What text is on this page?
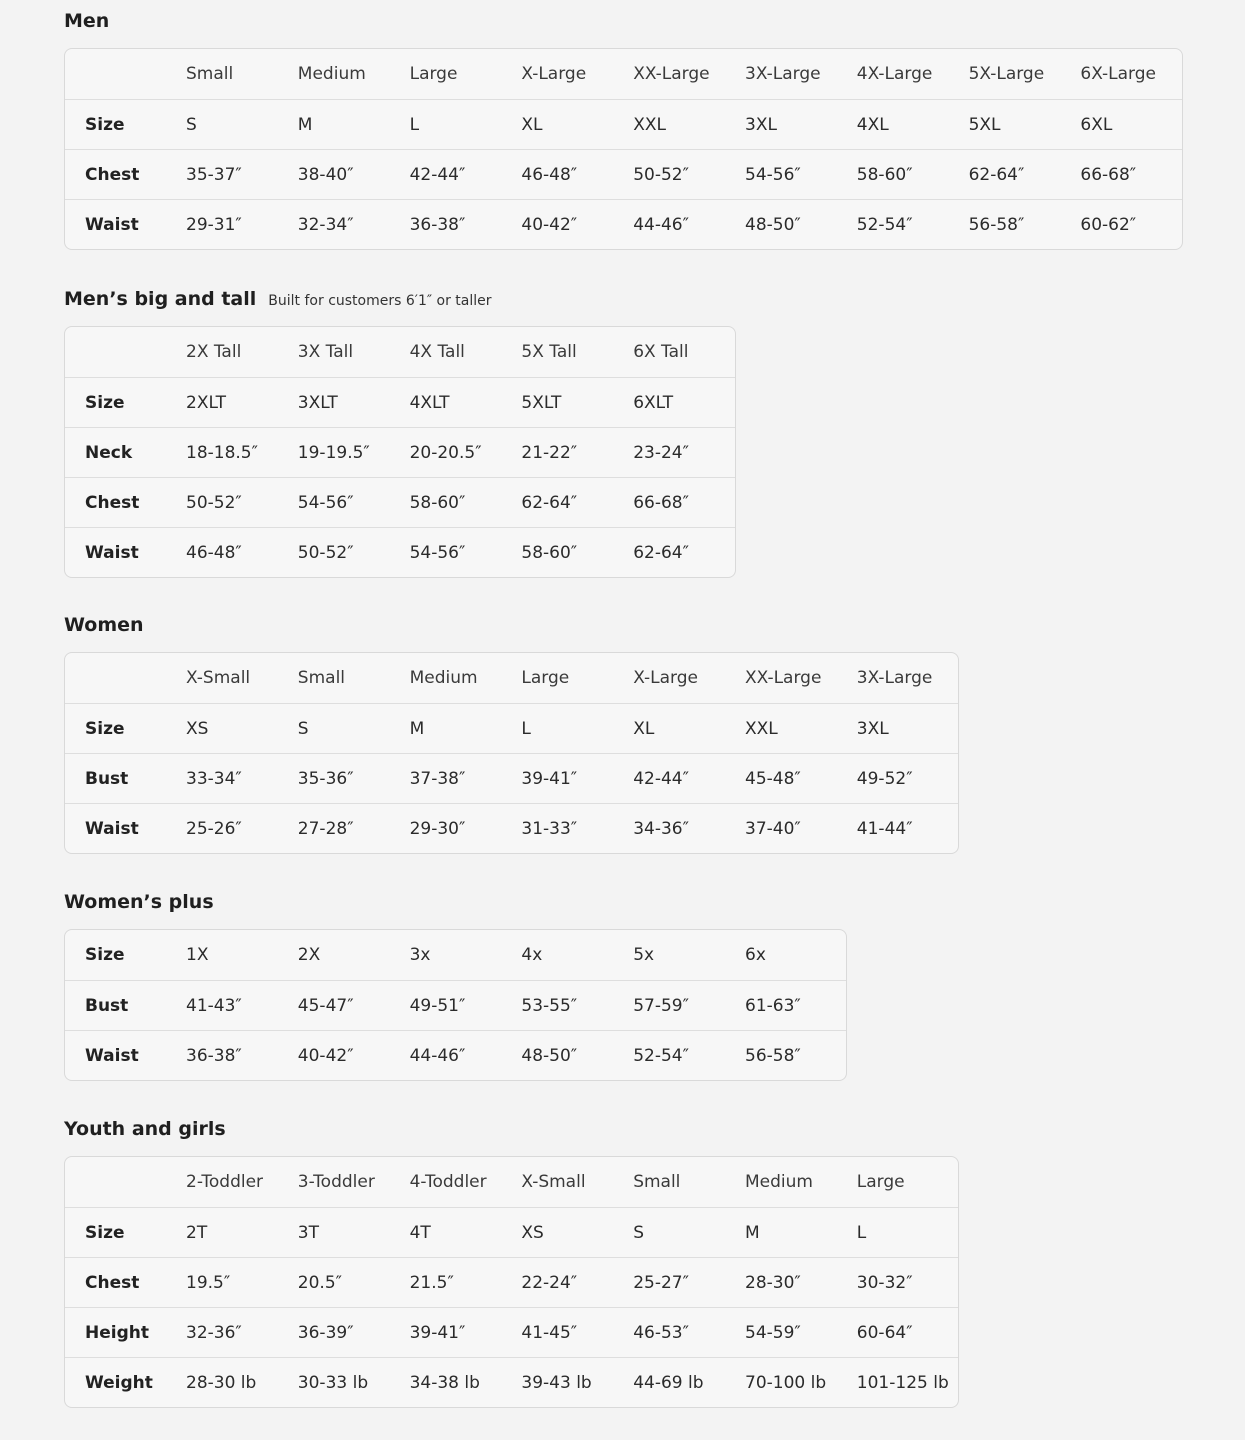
Men
Small	Medium	Large	X-Large	XX-Large 3X-Large 4X-Large 5X-Large 6X-Large
Size	S	M	L	XL	XXL	3XL	4XL	5XL	6XL
Chest	35-37″	38-40″	42-44″	46-48″	50-52″	54-56″	58-60″	62-64″	66-68″
Waist	29-31″	32-34″	36-38″	40-42″	44-46″	48-50″	52-54″	56-58″	60-62″
Men’s big and tall Built for customers 6′1″ or taller
2X Tall	3X Tall	4X Tall	5X Tall	6X Tall
Size	2XLT	3XLT	4XLT	5XLT	6XLT
Neck	18-18.5″ 19-19.5″ 20-20.5″ 21-22″	23-24″
Chest	50-52″	54-56″	58-60″	62-64″	66-68″
Waist	46-48″	50-52″	54-56″	58-60″	62-64″
Women
X-Small	Small	Medium	Large	X-Large	XX-Large 3X-Large
Size	XS	S	M	L	XL	XXL	3XL
Bust	33-34″	35-36″	37-38″	39-41″	42-44″	45-48″	49-52″
Waist	25-26″	27-28″	29-30″	31-33″	34-36″	37-40″	41-44″
Women’s plus
Size	1X	2X	3x	4x	5x	6x
Bust	41-43″	45-47″	49-51″	53-55″	57-59″	61-63″
Waist	36-38″	40-42″	44-46″	48-50″	52-54″	56-58″
Youth and girls
2-Toddler 3-Toddler 4-Toddler X-Small	Small	Medium	Large
Size	2T	3T	4T	XS	S	M	L
Chest	19.5″	20.5″	21.5″	22-24″	25-27″	28-30″	30-32″
Height 32-36″	36-39″	39-41″	41-45″	46-53″	54-59″	60-64″
Weight 28-30 lb 30-33 lb 34-38 lb 39-43 lb 44-69 lb 70-100 lb 101-125 lb
